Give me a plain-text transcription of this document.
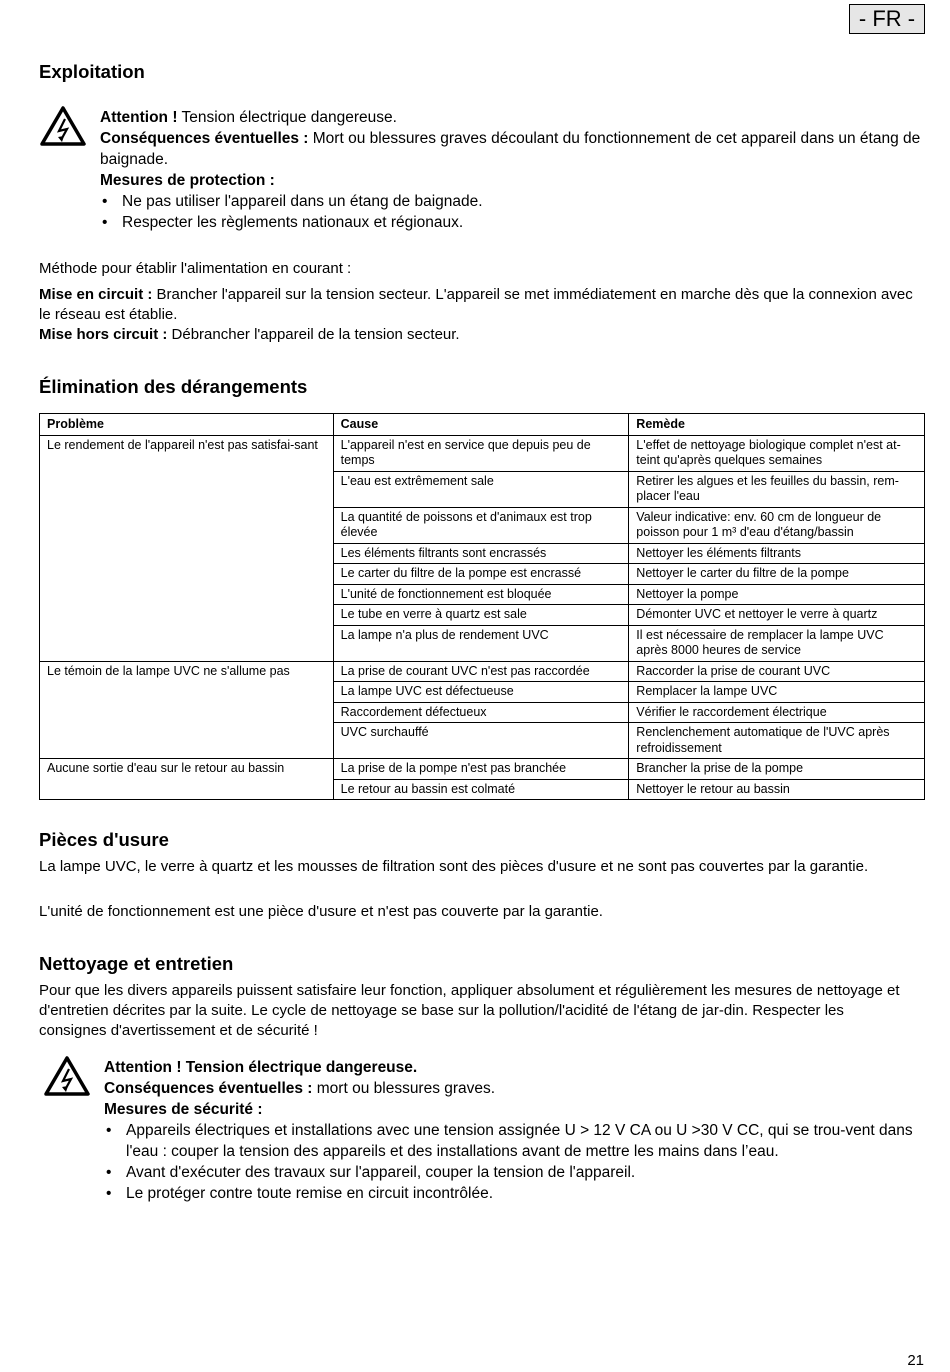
- FR -
Exploitation

Attention ! Tension électrique dangereuse.

Conséquences éventuelles : Mort ou blessures graves découlant du fonctionnement de cet appareil dans un étang de baignade.

Mesures de protection :

• Ne pas utiliser l'appareil dans un étang de baignade.
• Respecter les règlements nationaux et régionaux.

Méthode pour établir l'alimentation en courant :

Mise en circuit : Brancher l'appareil sur la tension secteur. L'appareil se met immédiatement en marche dès que la connexion avec le réseau est établie.

Mise hors circuit : Débrancher l'appareil de la tension secteur.

Élimination des dérangements
Problème	Cause	Remède
Le rendement de l'appareil n'est pas satisfai-sant	L'appareil n'est en service que depuis peu de temps	L'effet de nettoyage biologique complet n'est at-teint qu'après quelques semaines
	L'eau est extrêmement sale	Retirer les algues et les feuilles du bassin, rem-placer l'eau
	La quantité de poissons et d'animaux est trop élevée	Valeur indicative: env. 60 cm de longueur de poisson pour 1 m³ d'eau d'étang/bassin
	Les éléments filtrants sont encrassés	Nettoyer les éléments filtrants
	Le carter du filtre de la pompe est encrassé	Nettoyer le carter du filtre de la pompe
	L'unité de fonctionnement est bloquée	Nettoyer la pompe
	Le tube en verre à quartz est sale	Démonter UVC et nettoyer le verre à quartz
	La lampe n'a plus de rendement UVC	Il est nécessaire de remplacer la lampe UVC après 8000 heures de service
Le témoin de la lampe UVC ne s'allume pas	La prise de courant UVC n'est pas raccordée	Raccorder la prise de courant UVC
	La lampe UVC est défectueuse	Remplacer la lampe UVC
	Raccordement défectueux	Vérifier le raccordement électrique
	UVC surchauffé	Renclenchement automatique de l'UVC après refroidissement
Aucune sortie d'eau sur le retour au bassin	La prise de la pompe n'est pas branchée	Brancher la prise de la pompe
	Le retour au bassin est colmaté	Nettoyer le retour au bassin
Pièces d'usure

La lampe UVC, le verre à quartz et les mousses de filtration sont des pièces d'usure et ne sont pas couvertes par la garantie.

L'unité de fonctionnement est une pièce d'usure et n'est pas couverte par la garantie.

Nettoyage et entretien

Pour que les divers appareils puissent satisfaire leur fonction, appliquer absolument et régulièrement les mesures de nettoyage et d'entretien décrites par la suite. Le cycle de nettoyage se base sur la pollution/l'acidité de l'étang de jar-din. Respecter les consignes d'avertissement et de sécurité !

Attention ! Tension électrique dangereuse.

Conséquences éventuelles : mort ou blessures graves.

Mesures de sécurité :

• Appareils électriques et installations avec une tension assignée U > 12 V CA ou U >30 V CC, qui se trou-vent dans l'eau : couper la tension des appareils et des installations avant de mettre les mains dans l’eau.
• Avant d'exécuter des travaux sur l'appareil, couper la tension de l'appareil.
• Le protéger contre toute remise en circuit incontrôlée.
21
